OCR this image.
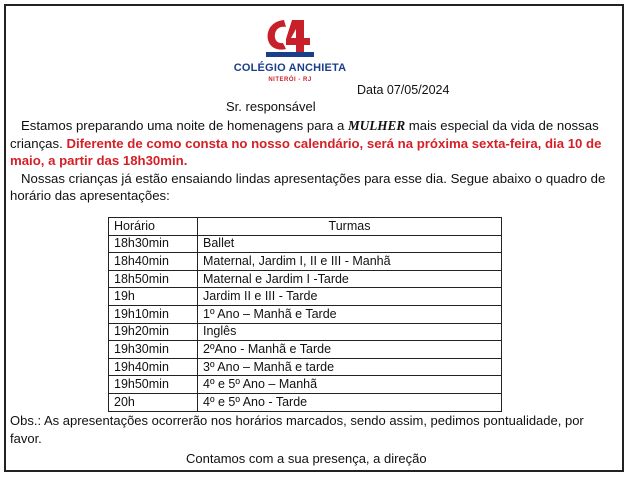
COLÉGIO ANCHIETA
NITERÓI - RJ
Data 07/05/2024
Sr. responsável

Estamos preparando uma noite de homenagens para a MULHER mais especial da vida de nossas crianças. Diferente de como consta no nosso calendário, será na próxima sexta-feira, dia 10 de maio, a partir das 18h30min.

Nossas crianças já estão ensaiando lindas apresentações para esse dia. Segue abaixo o quadro de horário das apresentações:

Horário	Turmas
18h30min	Ballet
18h40min	Maternal, Jardim I, II e III - Manhã
18h50min	Maternal e Jardim I -Tarde
19h	Jardim II e III - Tarde
19h10min	1º Ano – Manhã e Tarde
19h20min	Inglês
19h30min	2ºAno - Manhã e Tarde
19h40min	3º Ano – Manhã e tarde
19h50min	4º e 5º Ano – Manhã
20h	4º e 5º Ano - Tarde
Obs.: As apresentações ocorrerão nos horários marcados, sendo assim, pedimos pontualidade, por favor.
Contamos com a sua presença, a direção
